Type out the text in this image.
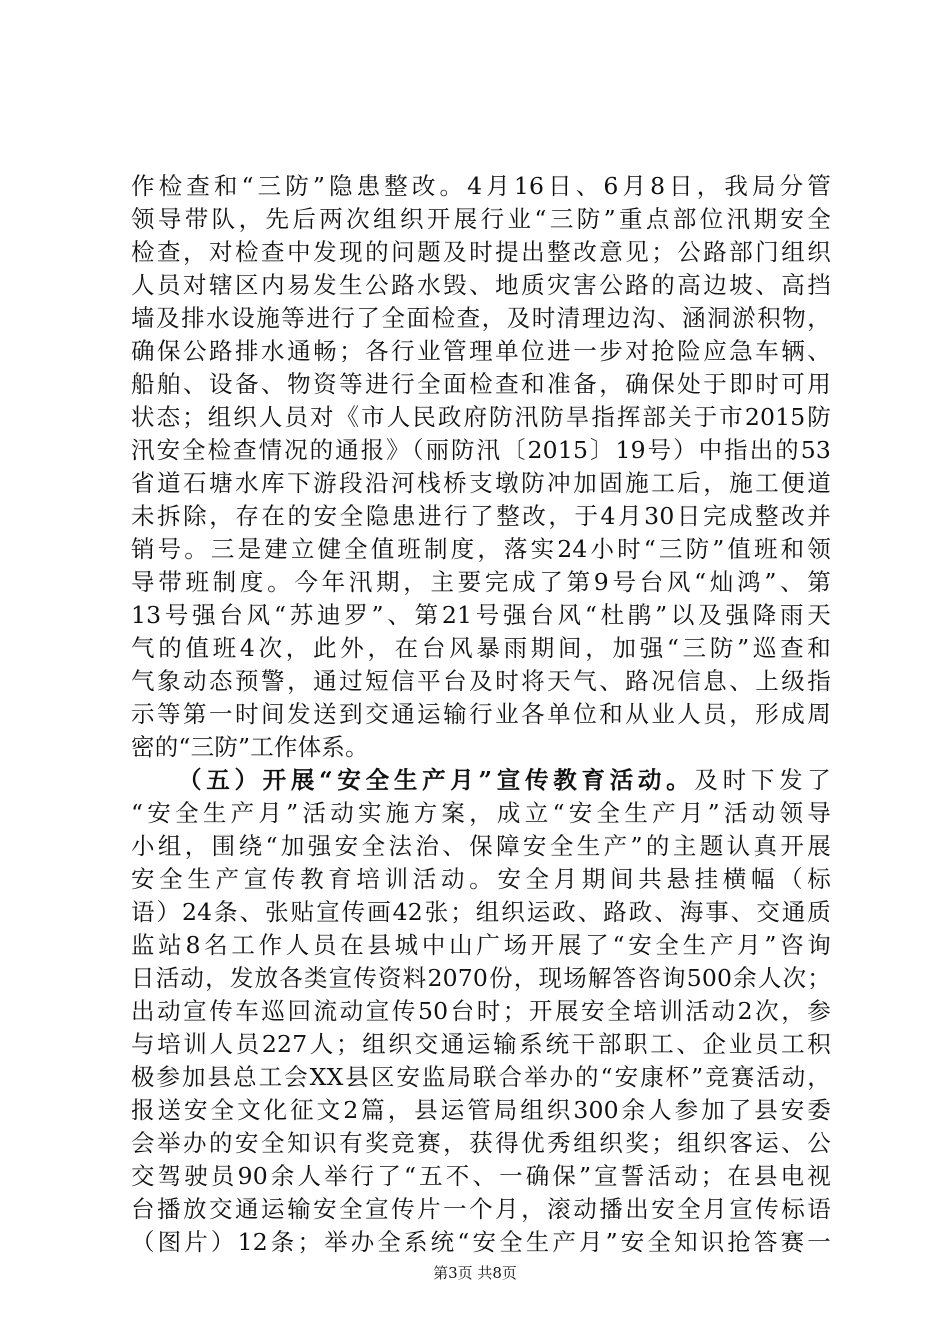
作检查和“三防”隐患整改。4月16日、6月8日，我局分管
领导带队，先后两次组织开展行业“三防”重点部位汛期安全
检查，对检查中发现的问题及时提出整改意见；公路部门组织
人员对辖区内易发生公路水毁、地质灾害公路的高边坡、高挡
墙及排水设施等进行了全面检查，及时清理边沟、涵洞淤积物，
确保公路排水通畅；各行业管理单位进一步对抢险应急车辆、
船舶、设备、物资等进行全面检查和准备，确保处于即时可用
状态；组织人员对《市人民政府防汛防旱指挥部关于市2015防
汛安全检查情况的通报》（丽防汛〔2015〕19号）中指出的53
省道石塘水库下游段沿河栈桥支墩防冲加固施工后，施工便道
未拆除，存在的安全隐患进行了整改，于4月30日完成整改并
销号。三是建立健全值班制度，落实24小时“三防”值班和领
导带班制度。今年汛期，主要完成了第9号台风“灿鸿”、第
13号强台风“苏迪罗”、第21号强台风“杜鹃”以及强降雨天
气的值班4次，此外，在台风暴雨期间，加强“三防”巡查和
气象动态预警，通过短信平台及时将天气、路况信息、上级指
示等第一时间发送到交通运输行业各单位和从业人员，形成周
密的“三防”工作体系。
（五）开展“安全生产月”宣传教育活动。及时下发了
“安全生产月”活动实施方案，成立“安全生产月”活动领导
小组，围绕“加强安全法治、保障安全生产”的主题认真开展
安全生产宣传教育培训活动。安全月期间共悬挂横幅（标
语）24条、张贴宣传画42张；组织运政、路政、海事、交通质
监站8名工作人员在县城中山广场开展了“安全生产月”咨询
日活动，发放各类宣传资料2070份，现场解答咨询500余人次；
出动宣传车巡回流动宣传50台时；开展安全培训活动2次，参
与培训人员227人；组织交通运输系统干部职工、企业员工积
极参加县总工会XX县区安监局联合举办的“安康杯”竞赛活动，
报送安全文化征文2篇，县运管局组织300余人参加了县安委
会举办的安全知识有奖竞赛，获得优秀组织奖；组织客运、公
交驾驶员90余人举行了“五不、一确保”宣誓活动；在县电视
台播放交通运输安全宣传片一个月，滚动播出安全月宣传标语
（图片）12条；举办全系统“安全生产月”安全知识抢答赛一
第3页 共8页
